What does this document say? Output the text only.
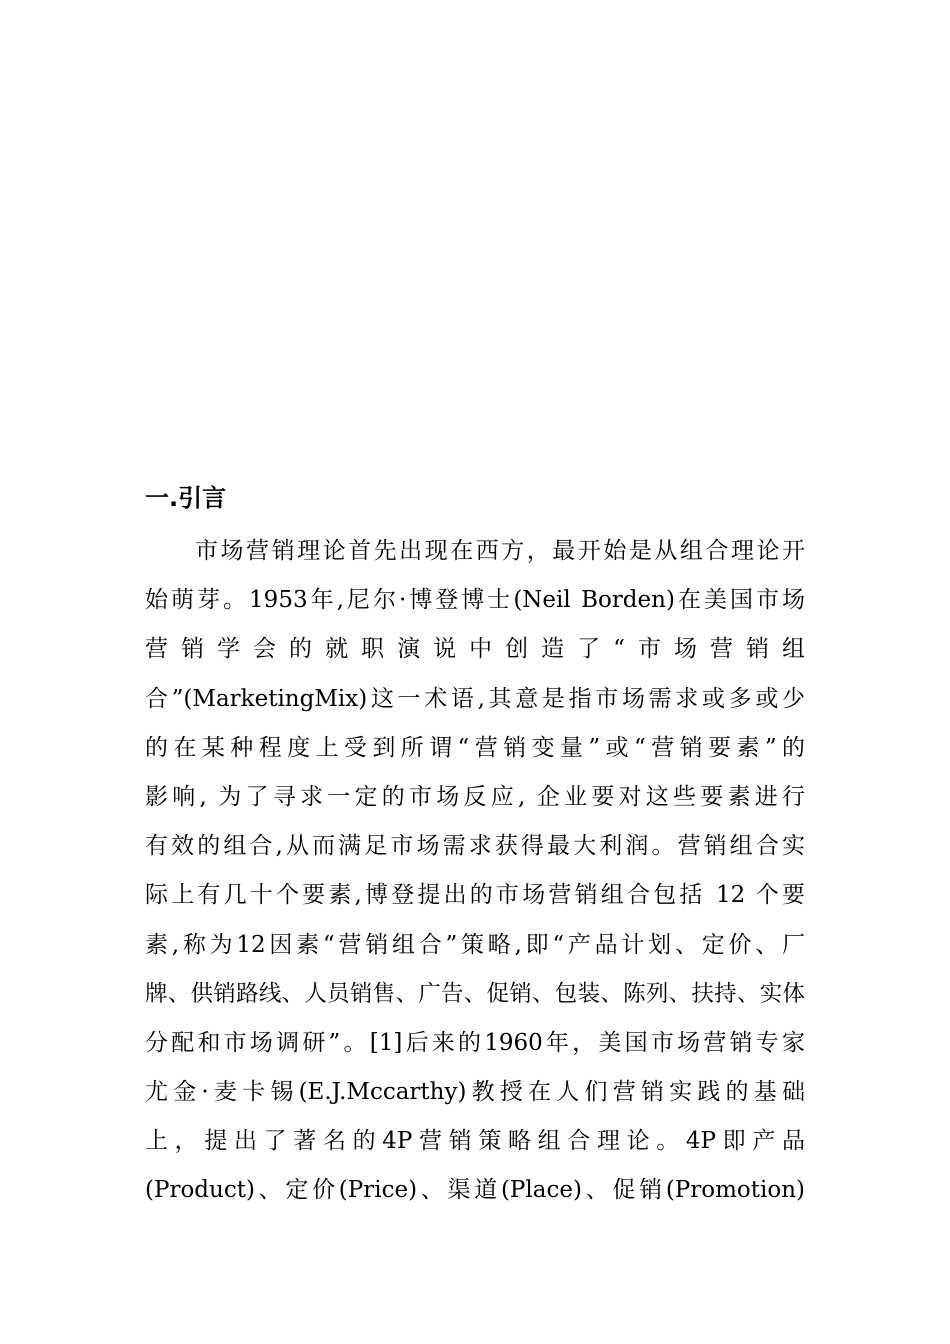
一.引言
市场营销理论首先出现在西方，最开始是从组合理论开
始萌芽。1953年,尼尔·博登博士(Neil Borden)在美国市场
营销学会的就职演说中创造了“市场营销组
合”(MarketingMix)这一术语,其意是指市场需求或多或少
的在某种程度上受到所谓“营销变量”或“营销要素”的
影响, 为了寻求一定的市场反应, 企业要对这些要素进行
有效的组合,从而满足市场需求获得最大利润。营销组合实
际上有几十个要素,博登提出的市场营销组合包括 12 个要
素,称为12因素“营销组合”策略,即“产品计划、定价、厂
牌、供销路线、人员销售、广告、促销、包装、陈列、扶持、实体
分配和市场调研”。[1]后来的1960年，美国市场营销专家
尤金·麦卡锡(E.J.Mccarthy)教授在人们营销实践的基础
上，提出了著名的4P营销策略组合理论。4P即产品
(Product)、定价(Price)、渠道(Place)、促销(Promotion)
